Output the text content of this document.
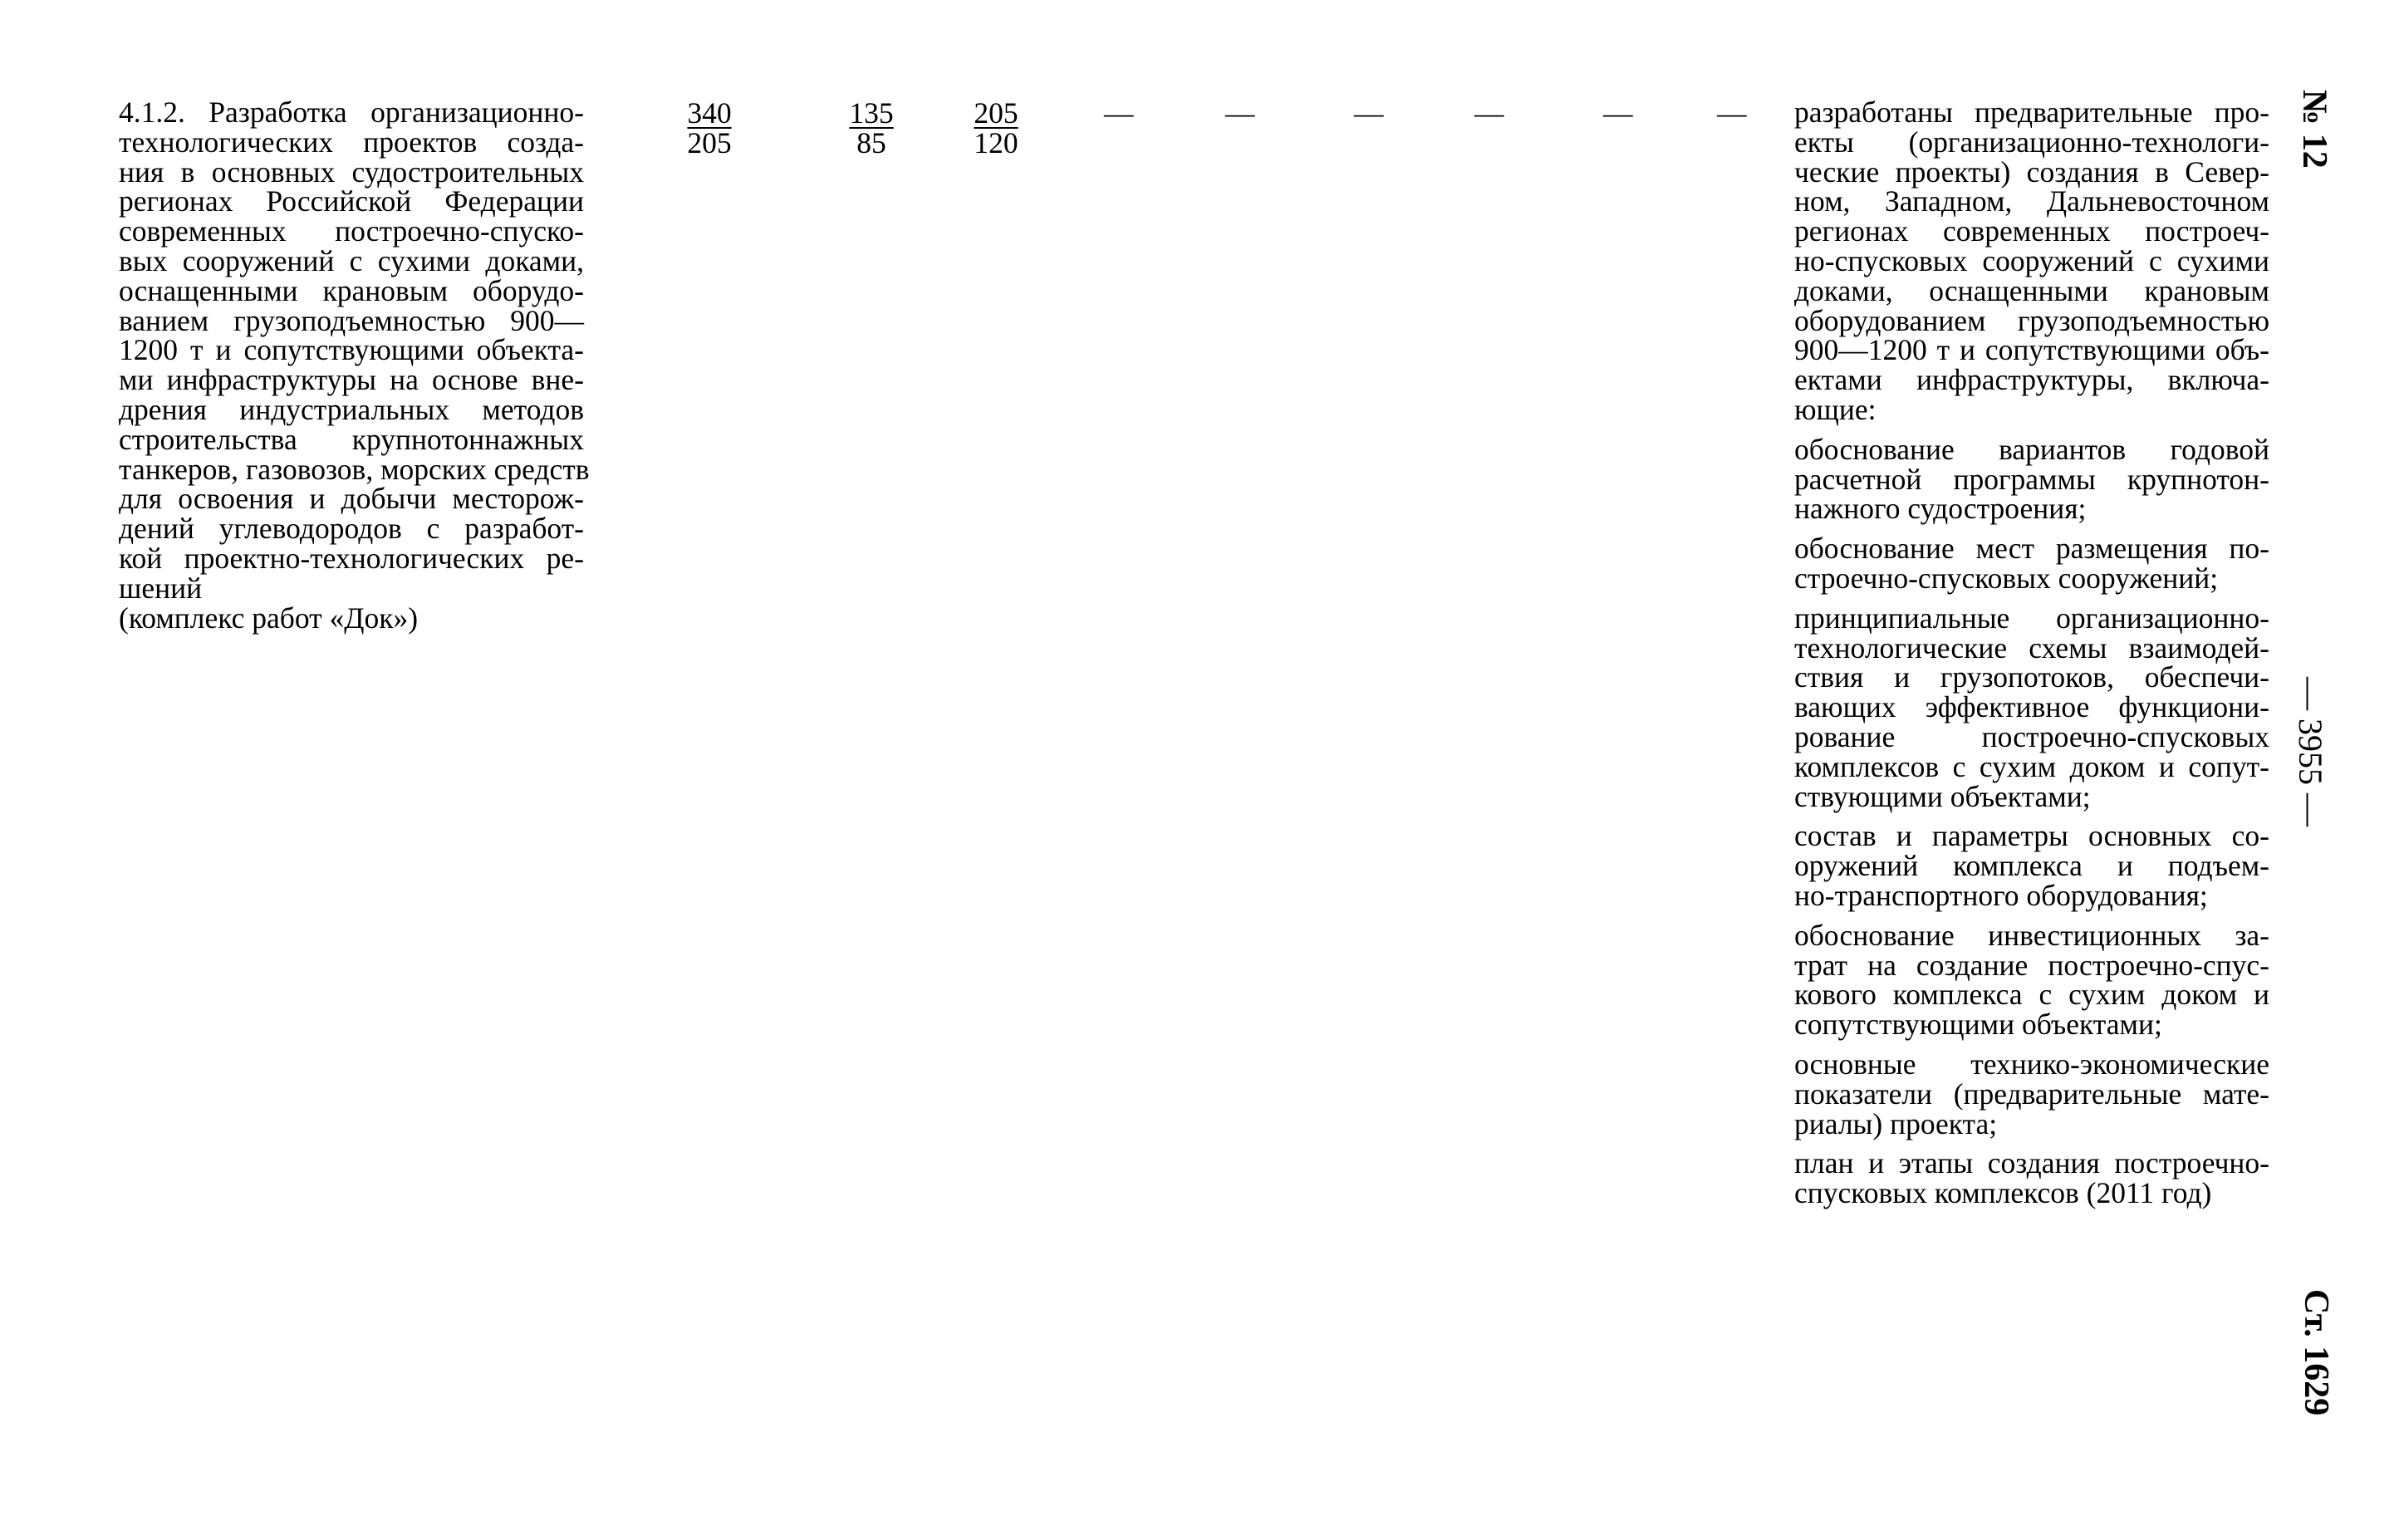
4.1.2. Разработка организационно-
технологических проектов созда-
ния в основных судостроительных
регионах Российской Федерации
современных построечно-спуско-
вых сооружений с сухими доками,
оснащенными крановым оборудо-
ванием грузоподъемностью 900—
1200 т и сопутствующими объекта-
ми инфраструктуры на основе вне-
дрения индустриальных методов
строительства крупнотоннажных
танкеров, газовозов, морских средств
для освоения и добычи месторож-
дений углеводородов с разработ-
кой проектно-технологических ре-
шений
(комплекс работ «Док»)
$\frac{340}{205}$	$\frac{135}{85} \frac{205}{120}$	—	—	—	—	—	— разработаны предварительные про-
екты (организационно-технологи-
ческие проекты) создания в Север-
ном, Западном, Дальневосточном
регионах современных построеч-
но-спусковых сооружений с сухими
доками, оснащенными крановым
оборудованием грузоподъемностью
900—1200 т и сопутствующими объ-
ектами инфраструктуры, включа-
ющие:
обоснование вариантов годовой
расчетной программы крупнотон-
нажного судостроения;
обоснование мест размещения по-
строечно-спусковых сооружений;
принципиальные организационно-
технологические схемы взаимодей-
ствия и грузопотоков, обеспечи-
вающих эффективное функциони-
рование построечно-спусковых
комплексов с сухим доком и сопут-
ствующими объектами;
состав и параметры основных со-
оружений комплекса и подъем-
но-транспортного оборудования;
обоснование инвестиционных за-
трат на создание построечно-спус-
кового комплекса с сухим доком и
сопутствующими объектами;
основные технико-экономические
показатели (предварительные мате-
риалы) проекта;
план и этапы создания построечно-
спусковых комплексов (2011 год)
№ 12
— 3955 —
Ст. 1629
